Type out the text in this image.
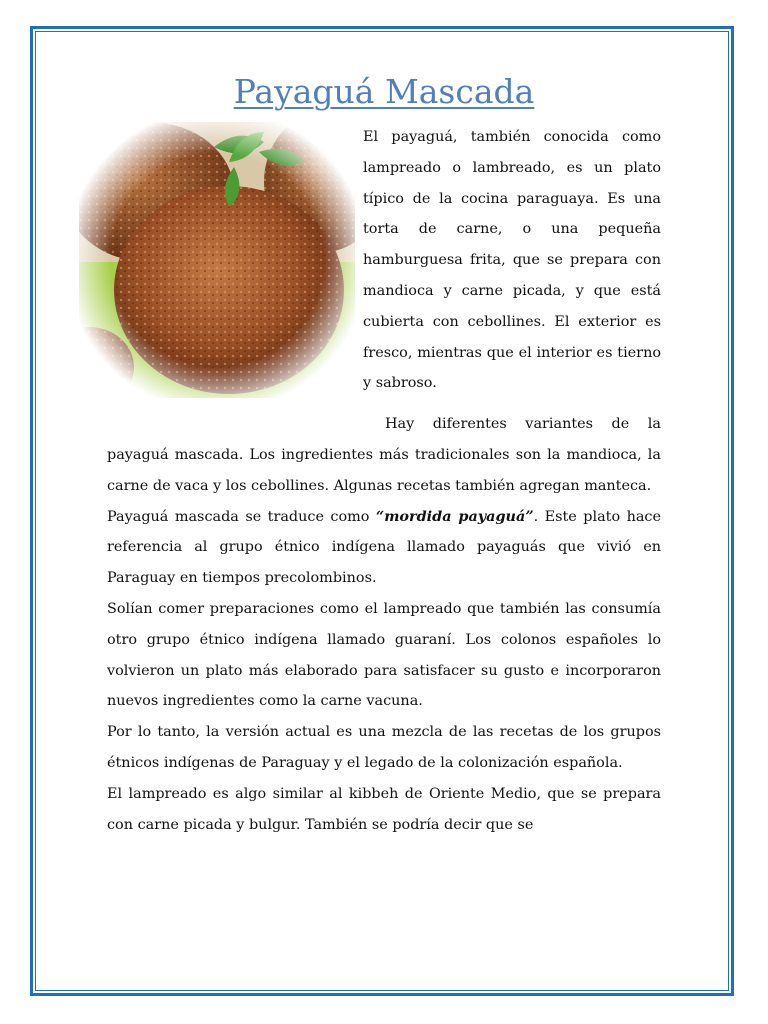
Payaguá Mascada

El payaguá, también conocida como lampreado o lambreado, es un plato típico de la cocina paraguaya. Es una torta de carne, o una pequeña hamburguesa frita, que se prepara con mandioca y carne picada, y que está cubierta con cebollines. El exterior es fresco, mientras que el interior es tierno y sabroso.

Hay diferentes variantes de la payaguá mascada. Los ingredientes más tradicionales son la mandioca, la carne de vaca y los cebollines. Algunas recetas también agregan manteca.

Payaguá mascada se traduce como “mordida payaguá”. Este plato hace referencia al grupo étnico indígena llamado payaguás que vivió en Paraguay en tiempos precolombinos.

Solían comer preparaciones como el lampreado que también las consumía otro grupo étnico indígena llamado guaraní. Los colonos españoles lo volvieron un plato más elaborado para satisfacer su gusto e incorporaron nuevos ingredientes como la carne vacuna.

Por lo tanto, la versión actual es una mezcla de las recetas de los grupos étnicos indígenas de Paraguay y el legado de la colonización española.

El lampreado es algo similar al kibbeh de Oriente Medio, que se prepara con carne picada y bulgur. También se podría decir que se
